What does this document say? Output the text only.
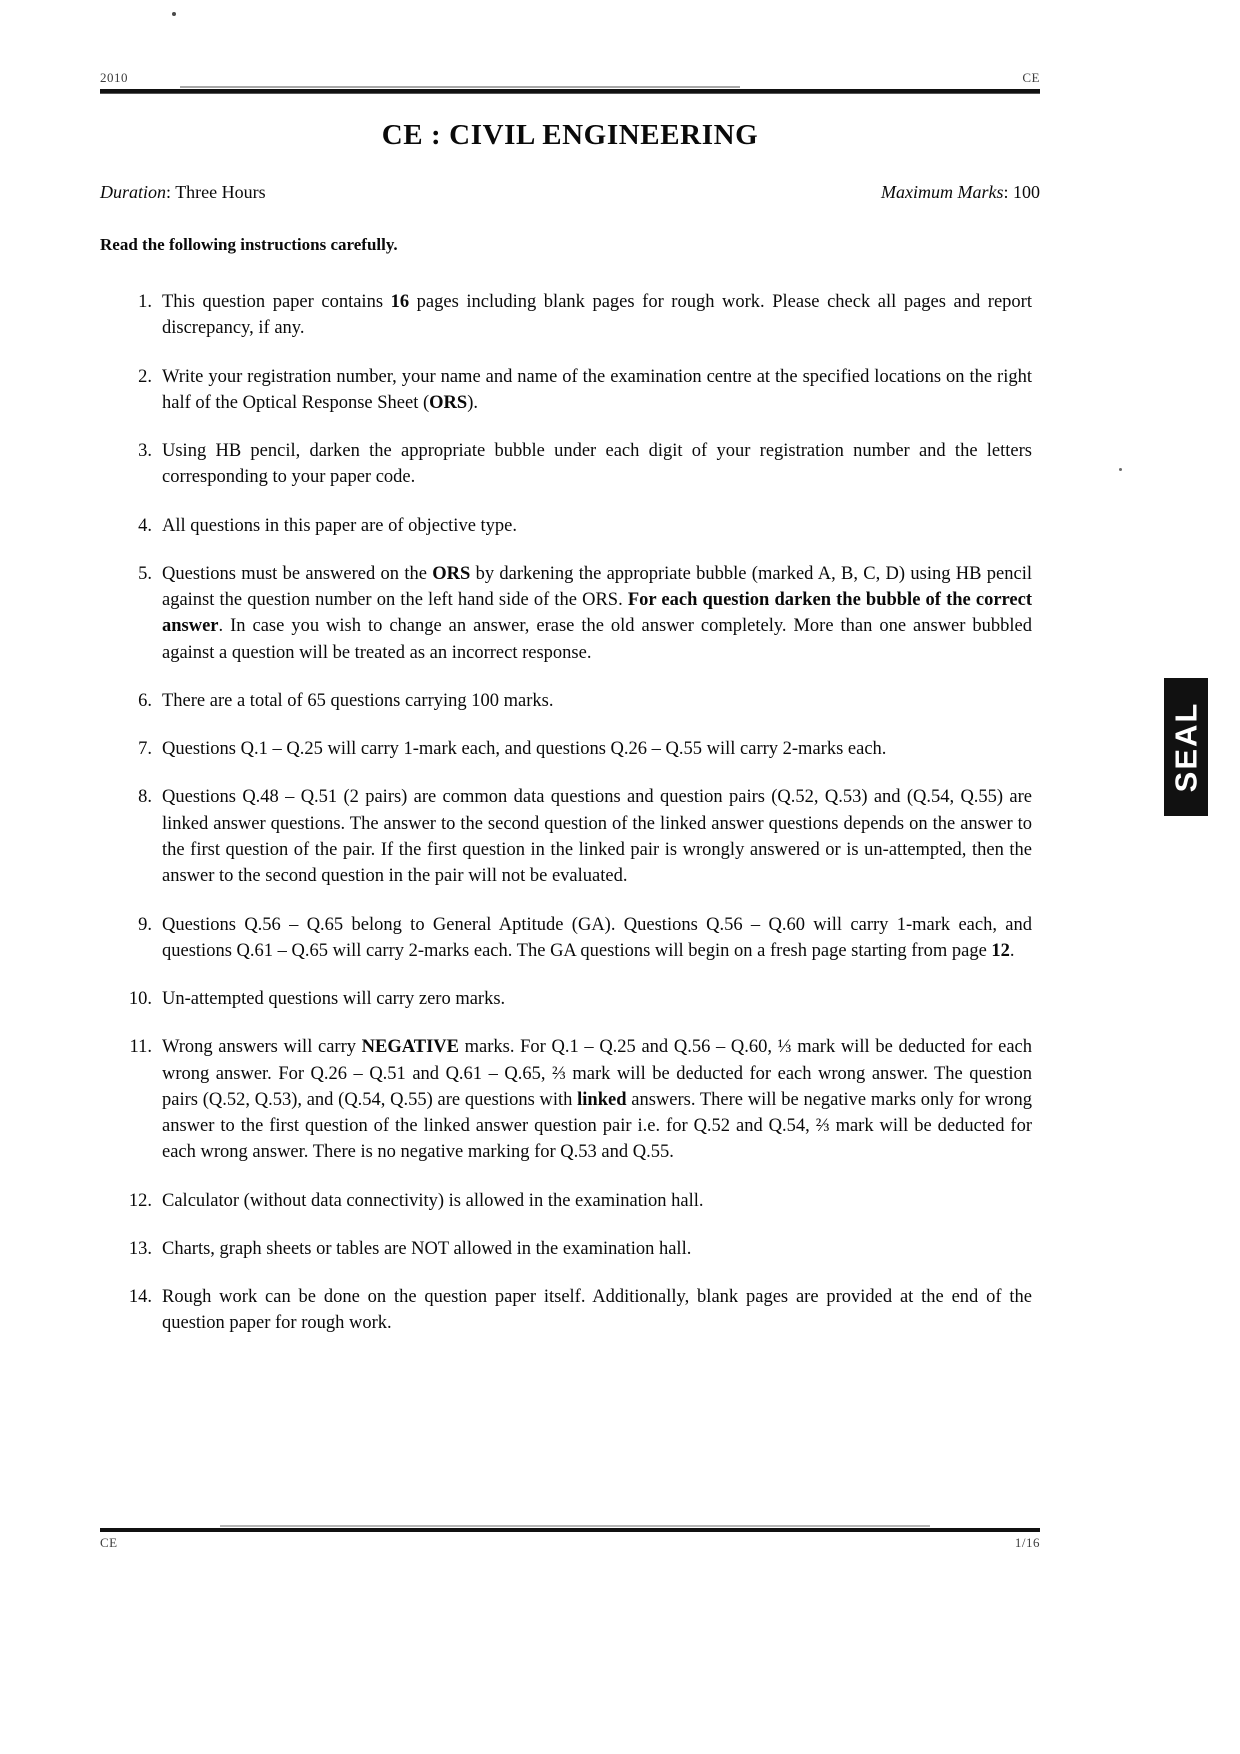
2010	CE
CE : CIVIL ENGINEERING
Duration: Three Hours	Maximum Marks: 100
Read the following instructions carefully.
This question paper contains 16 pages including blank pages for rough work. Please check all pages and report discrepancy, if any.
Write your registration number, your name and name of the examination centre at the specified locations on the right half of the Optical Response Sheet (ORS).
Using HB pencil, darken the appropriate bubble under each digit of your registration number and the letters corresponding to your paper code.
All questions in this paper are of objective type.
Questions must be answered on the ORS by darkening the appropriate bubble (marked A, B, C, D) using HB pencil against the question number on the left hand side of the ORS. For each question darken the bubble of the correct answer. In case you wish to change an answer, erase the old answer completely. More than one answer bubbled against a question will be treated as an incorrect response.
There are a total of 65 questions carrying 100 marks.
Questions Q.1 – Q.25 will carry 1-mark each, and questions Q.26 – Q.55 will carry 2-marks each.
Questions Q.48 – Q.51 (2 pairs) are common data questions and question pairs (Q.52, Q.53) and (Q.54, Q.55) are linked answer questions. The answer to the second question of the linked answer questions depends on the answer to the first question of the pair. If the first question in the linked pair is wrongly answered or is un-attempted, then the answer to the second question in the pair will not be evaluated.
Questions Q.56 – Q.65 belong to General Aptitude (GA). Questions Q.56 – Q.60 will carry 1-mark each, and questions Q.61 – Q.65 will carry 2-marks each. The GA questions will begin on a fresh page starting from page 12.
Un-attempted questions will carry zero marks.
Wrong answers will carry NEGATIVE marks. For Q.1 – Q.25 and Q.56 – Q.60, ⅓ mark will be deducted for each wrong answer. For Q.26 – Q.51 and Q.61 – Q.65, ⅔ mark will be deducted for each wrong answer. The question pairs (Q.52, Q.53), and (Q.54, Q.55) are questions with linked answers. There will be negative marks only for wrong answer to the first question of the linked answer question pair i.e. for Q.52 and Q.54, ⅔ mark will be deducted for each wrong answer. There is no negative marking for Q.53 and Q.55.
Calculator (without data connectivity) is allowed in the examination hall.
Charts, graph sheets or tables are NOT allowed in the examination hall.
Rough work can be done on the question paper itself. Additionally, blank pages are provided at the end of the question paper for rough work.
SEAL
CE	1/16
